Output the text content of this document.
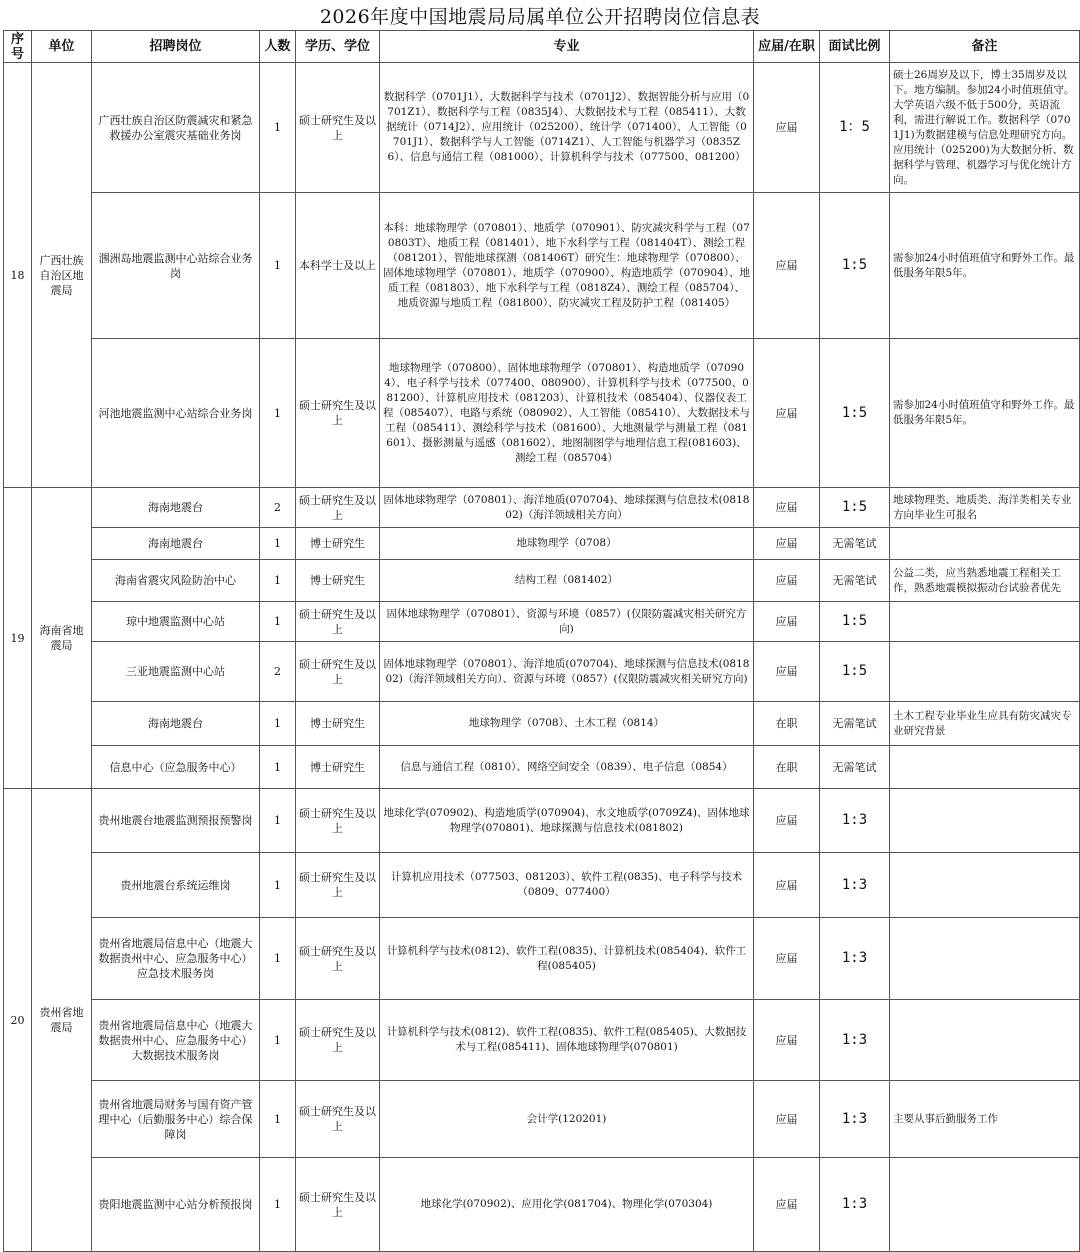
2026年度中国地震局局属单位公开招聘岗位信息表
序号	单位	招聘岗位	人数	学历、学位	专业	应届/在职	面试比例	备注
18	广西壮族自治区地震局	广西壮族自治区防震减灾和紧急救援办公室震灾基础业务岗	1	硕士研究生及以上	数据科学（0701J1）、大数据科学与技术（0701J2）、数据智能分析与应用（0701Z1）、数据科学与工程（0835J4）、大数据技术与工程（085411）、大数据统计（0714J2）、应用统计（025200）、统计学（071400）、人工智能（0701J1）、数据科学与人工智能（0714Z1）、人工智能与机器学习（0835Z6）、信息与通信工程（081000）、计算机科学与技术（077500、081200）	应届	1：5	硕士26周岁及以下，博士35周岁及以下。地方编制。参加24小时值班值守。大学英语六级不低于500分，英语流利，需进行解说工作。数据科学（0701J1)为数据建模与信息处理研究方向。应用统计（025200)为大数据分析、数据科学与管理、机器学习与优化统计方向。
		涠洲岛地震监测中心站综合业务岗	1	本科学士及以上	本科：地球物理学（070801）、地质学（070901）、防灾减灾科学与工程（070803T）、地质工程（081401）、地下水科学与工程（081404T）、测绘工程（081201）、智能地球探测（081406T）研究生：地球物理学（070800）、固体地球物理学（070801）、地质学（070900）、构造地质学（070904）、地质工程（081803）、地下水科学与工程（0818Z4）、测绘工程（085704）、地质资源与地质工程（081800）、防灾减灾工程及防护工程（081405）	应届	1:5	需参加24小时值班值守和野外工作。最低服务年限5年。
		河池地震监测中心站综合业务岗	1	硕士研究生及以上	地球物理学（070800）、固体地球物理学（070801）、构造地质学（070904）、电子科学与技术（077400、080900）、计算机科学与技术（077500、081200）、计算机应用技术（081203）、计算机技术（085404）、仪器仪表工程（085407）、电路与系统（080902）、人工智能（085410）、大数据技术与工程（085411）、测绘科学与技术（081600）、大地测量学与测量工程（081601）、摄影测量与遥感（081602）、地图制图学与地理信息工程(081603)、测绘工程（085704）	应届	1:5	需参加24小时值班值守和野外工作。最低服务年限5年。
19	海南省地震局	海南地震台	2	硕士研究生及以上	固体地球物理学（070801）、海洋地质(070704)、地球探测与信息技术(081802)（海洋领域相关方向）	应届	1:5	地球物理类、地质类、海洋类相关专业方向毕业生可报名
		海南地震台	1	博士研究生	地球物理学（0708）	应届	无需笔试	
		海南省震灾风险防治中心	1	博士研究生	结构工程（081402）	应届	无需笔试	公益二类，应当熟悉地震工程相关工作，熟悉地震模拟振动台试验者优先
		琼中地震监测中心站	1	硕士研究生及以上	固体地球物理学（070801）、资源与环境（0857）(仅限防震减灾相关研究方向)	应届	1:5	
		三亚地震监测中心站	2	硕士研究生及以上	固体地球物理学（070801）、海洋地质(070704)、地球探测与信息技术(081802)（海洋领域相关方向）、资源与环境（0857）(仅限防震减灾相关研究方向)	应届	1:5	
		海南地震台	1	博士研究生	地球物理学（0708）、土木工程（0814）	在职	无需笔试	土木工程专业毕业生应具有防灾减灾专业研究背景
		信息中心（应急服务中心）	1	博士研究生	信息与通信工程（0810）、网络空间安全（0839）、电子信息（0854）	在职	无需笔试	
20	贵州省地震局	贵州地震台地震监测预报预警岗	1	硕士研究生及以上	地球化学(070902)、构造地质学(070904)、水文地质学(0709Z4)、固体地球物理学(070801)、地球探测与信息技术(081802)	应届	1:3	
		贵州地震台系统运维岗	1	硕士研究生及以上	计算机应用技术（077503、081203）、软件工程(0835)、电子科学与技术（0809、077400）	应届	1:3	
		贵州省地震局信息中心（地震大数据贵州中心、应急服务中心）应急技术服务岗	1	硕士研究生及以上	计算机科学与技术(0812)、软件工程(0835)、计算机技术(085404)、软件工程(085405)	应届	1:3	
		贵州省地震局信息中心（地震大数据贵州中心、应急服务中心）大数据技术服务岗	1	硕士研究生及以上	计算机科学与技术(0812)、软件工程(0835)、软件工程(085405)、大数据技术与工程(085411)、固体地球物理学(070801)	应届	1:3	
		贵州省地震局财务与国有资产管理中心（后勤服务中心）综合保障岗	1	硕士研究生及以上	会计学(120201)	应届	1:3	主要从事后勤服务工作
		贵阳地震监测中心站分析预报岗	1	硕士研究生及以上	地球化学(070902)、应用化学(081704)、物理化学(070304)	应届	1:3	
